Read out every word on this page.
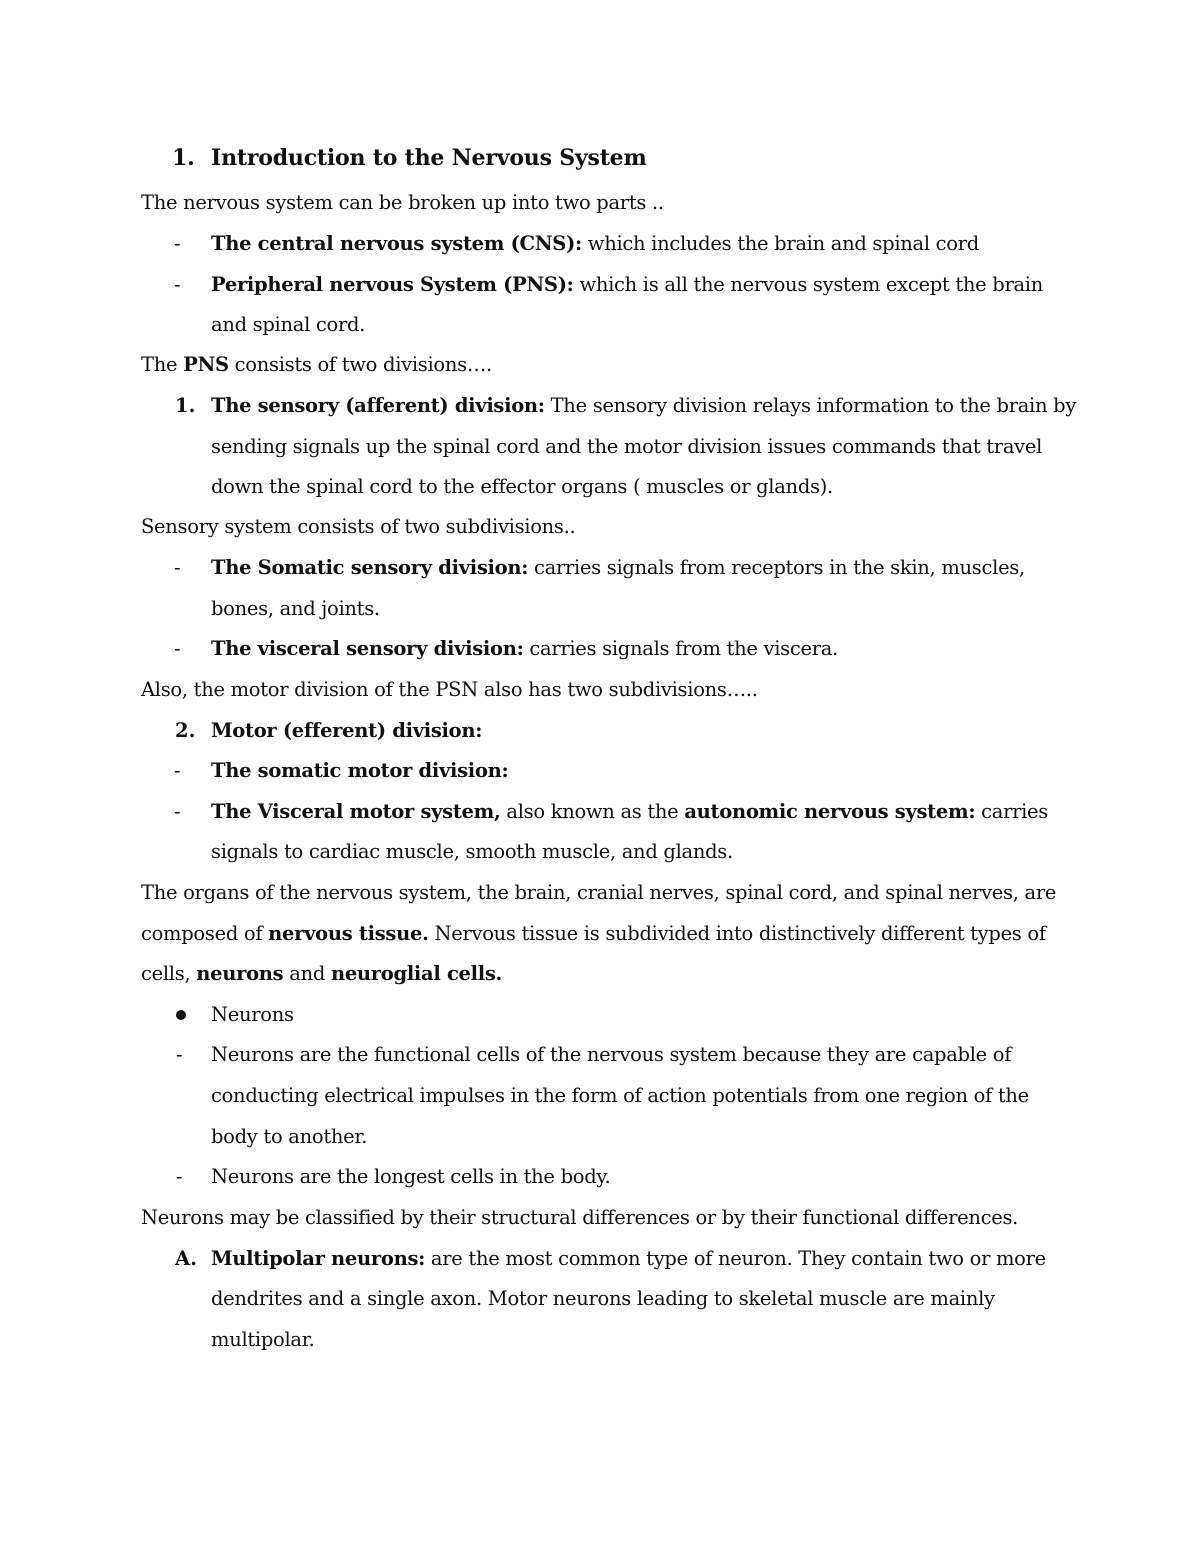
1. Introduction to the Nervous System
The nervous system can be broken up into two parts ..
- The central nervous system (CNS): which includes the brain and spinal cord
- Peripheral nervous System (PNS): which is all the nervous system except the brain
and spinal cord.
The PNS consists of two divisions….
1. The sensory (afferent) division: The sensory division relays information to the brain by
sending signals up the spinal cord and the motor division issues commands that travel
down the spinal cord to the effector organs ( muscles or glands).
Sensory system consists of two subdivisions..
- The Somatic sensory division: carries signals from receptors in the skin, muscles,
bones, and joints.
- The visceral sensory division: carries signals from the viscera.
Also, the motor division of the PSN also has two subdivisions…..
2. Motor (efferent) division:
- The somatic motor division:
- The Visceral motor system, also known as the autonomic nervous system: carries
signals to cardiac muscle, smooth muscle, and glands.
The organs of the nervous system, the brain, cranial nerves, spinal cord, and spinal nerves, are
composed of nervous tissue. Nervous tissue is subdivided into distinctively different types of
cells, neurons and neuroglial cells.
Neurons
- Neurons are the functional cells of the nervous system because they are capable of
conducting electrical impulses in the form of action potentials from one region of the
body to another.
- Neurons are the longest cells in the body.
Neurons may be classified by their structural differences or by their functional differences.
A. Multipolar neurons: are the most common type of neuron. They contain two or more
dendrites and a single axon. Motor neurons leading to skeletal muscle are mainly
multipolar.
